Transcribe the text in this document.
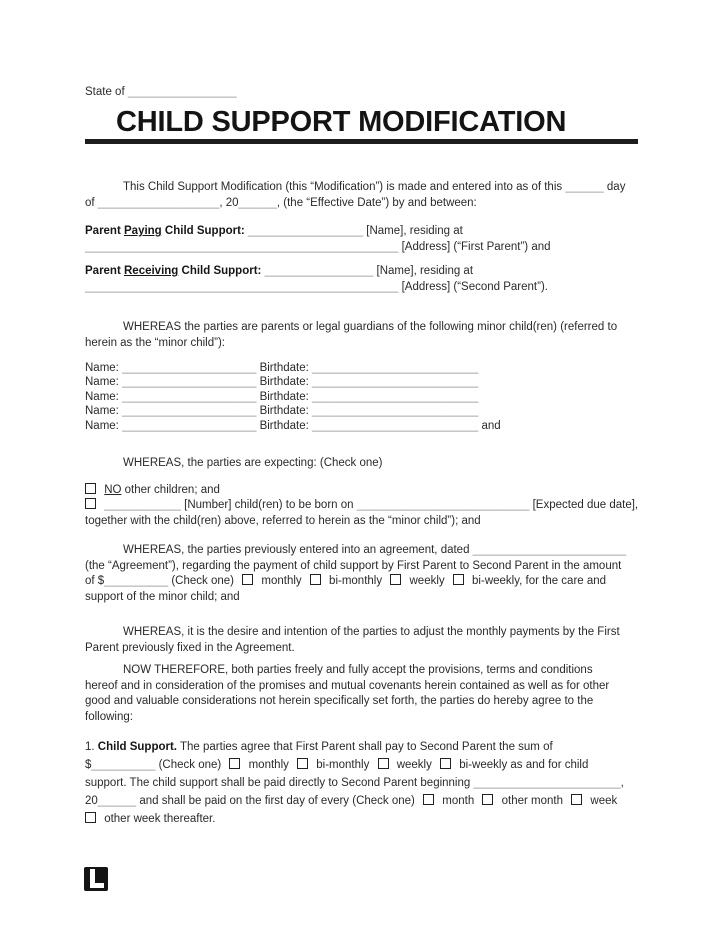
State of _________________
CHILD SUPPORT MODIFICATION
This Child Support Modification (this “Modification”) is made and entered into as of this ______ day
of ___________________, 20______, (the “Effective Date”) by and between:
Parent Paying Child Support: __________________ [Name], residing at
_________________________________________________ [Address] (“First Parent”) and
Parent Receiving Child Support: _________________ [Name], residing at
_________________________________________________ [Address] (“Second Parent”).
WHEREAS the parties are parents or legal guardians of the following minor child(ren) (referred to
herein as the “minor child”):
Name: _____________________ Birthdate: __________________________
Name: _____________________ Birthdate: __________________________
Name: _____________________ Birthdate: __________________________
Name: _____________________ Birthdate: __________________________
Name: _____________________ Birthdate: __________________________ and
WHEREAS, the parties are expecting: (Check one)
NO other children; and
____________ [Number] child(ren) to be born on ___________________________ [Expected due date],
together with the child(ren) above, referred to herein as the “minor child”); and
WHEREAS, the parties previously entered into an agreement, dated ________________________
(the “Agreement”), regarding the payment of child support by First Parent to Second Parent in the amount
of $__________ (Check one)  monthly  bi-monthly  weekly  bi-weekly, for the care and
support of the minor child; and
WHEREAS, it is the desire and intention of the parties to adjust the monthly payments by the First
Parent previously fixed in the Agreement.
NOW THEREFORE, both parties freely and fully accept the provisions, terms and conditions
hereof and in consideration of the promises and mutual covenants herein contained as well as for other
good and valuable considerations not herein specifically set forth, the parties do hereby agree to the
following:
1. Child Support. The parties agree that First Parent shall pay to Second Parent the sum of
$__________ (Check one)  monthly  bi-monthly  weekly  bi-weekly as and for child
support. The child support shall be paid directly to Second Parent beginning _______________________,
20______ and shall be paid on the first day of every (Check one)  month  other month  week
other week thereafter.
